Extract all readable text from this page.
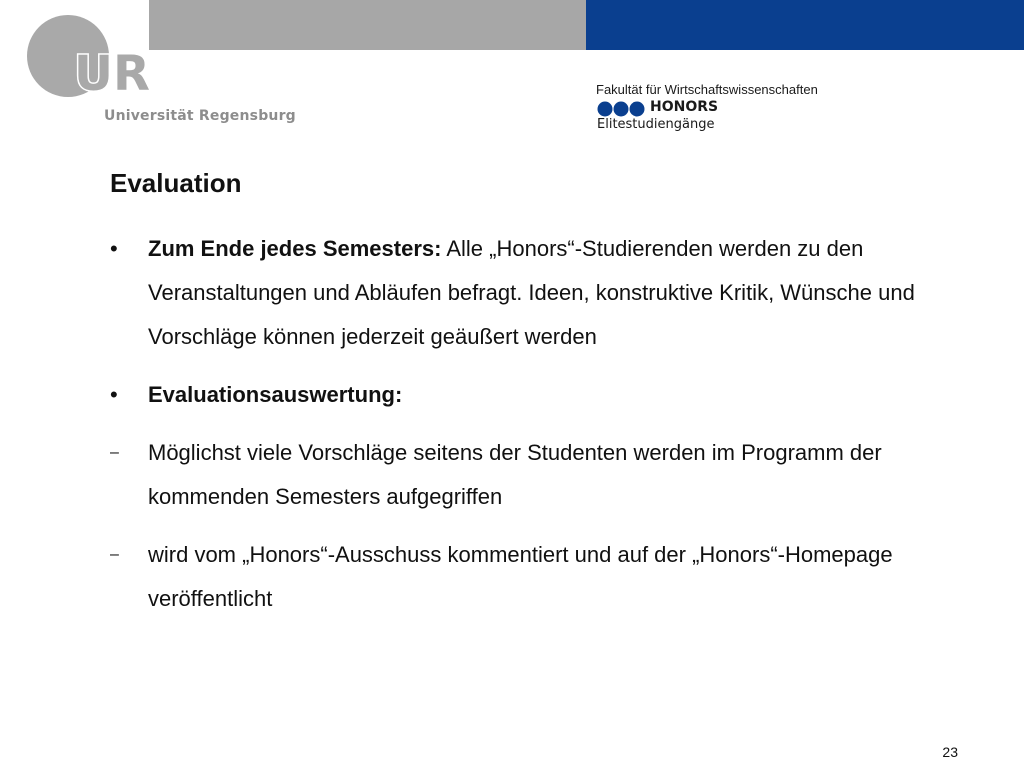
UR
Universität Regensburg
Fakultät für Wirtschaftswissenschaften
HONORS
Elitestudiengänge
Evaluation
•	Zum Ende jedes Semesters: Alle „Honors“-Studierenden werden zu den Veranstaltungen und Abläufen befragt. Ideen, konstruktive Kritik, Wünsche und Vorschläge können jederzeit geäußert werden
•	Evaluationsauswertung:
–	Möglichst viele Vorschläge seitens der Studenten werden im Programm der kommenden Semesters aufgegriffen
–	wird vom „Honors“-Ausschuss kommentiert und auf der „Honors“-Homepage veröffentlicht
23
